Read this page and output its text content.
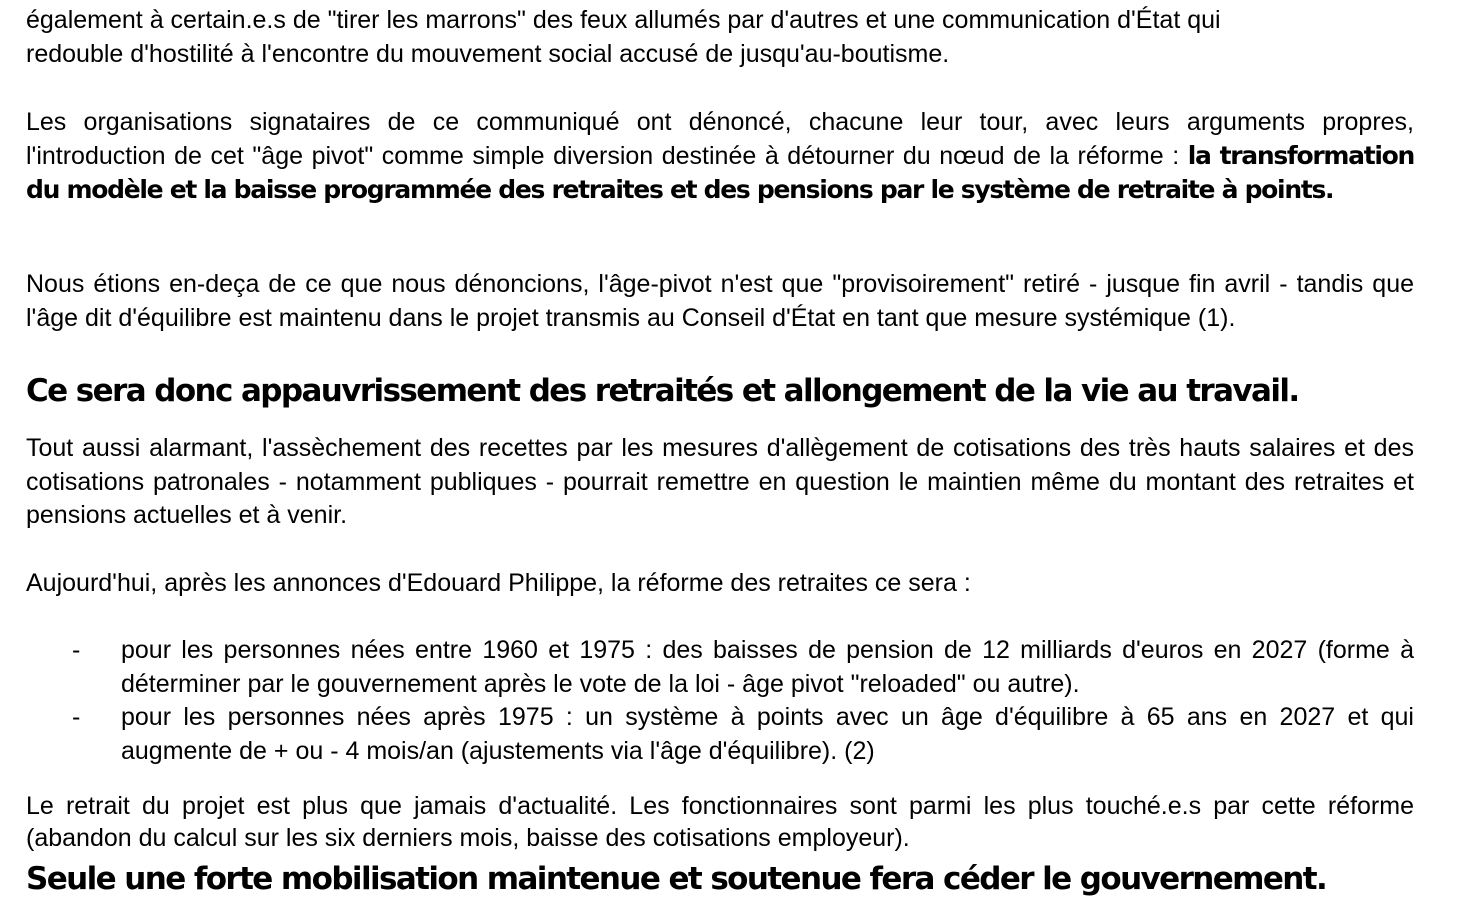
également à certain.e.s de "tirer les marrons" des feux allumés par d'autres et une communication d'État qui

redouble d'hostilité à l'encontre du mouvement social accusé de jusqu'au-boutisme.

Les organisations signataires de ce communiqué ont dénoncé, chacune leur tour, avec leurs arguments propres, l'introduction de cet "âge pivot" comme simple diversion destinée à détourner du nœud de la réforme : la transformation du modèle et la baisse programmée des retraites et des pensions par le système de retraite à points.

Nous étions en-deça de ce que nous dénoncions, l'âge-pivot n'est que "provisoirement" retiré - jusque fin avril - tandis que l'âge dit d'équilibre est maintenu dans le projet transmis au Conseil d'État en tant que mesure systémique (1).

Ce sera donc appauvrissement des retraités et allongement de la vie au travail.

Tout aussi alarmant, l'assèchement des recettes par les mesures d'allègement de cotisations des très hauts salaires et des cotisations patronales - notamment publiques - pourrait remettre en question le maintien même du montant des retraites et pensions actuelles et à venir.

Aujourd'hui, après les annonces d'Edouard Philippe, la réforme des retraites ce sera :

- pour les personnes nées entre 1960 et 1975 : des baisses de pension de 12 milliards d'euros en 2027 (forme à déterminer par le gouvernement après le vote de la loi - âge pivot "reloaded" ou autre).

- pour les personnes nées après 1975 : un système à points avec un âge d'équilibre à 65 ans en 2027 et qui augmente de + ou - 4 mois/an (ajustements via l'âge d'équilibre). (2)

Le retrait du projet est plus que jamais d'actualité. Les fonctionnaires sont parmi les plus touché.e.s par cette réforme (abandon du calcul sur les six derniers mois, baisse des cotisations employeur).

Seule une forte mobilisation maintenue et soutenue fera céder le gouvernement.
